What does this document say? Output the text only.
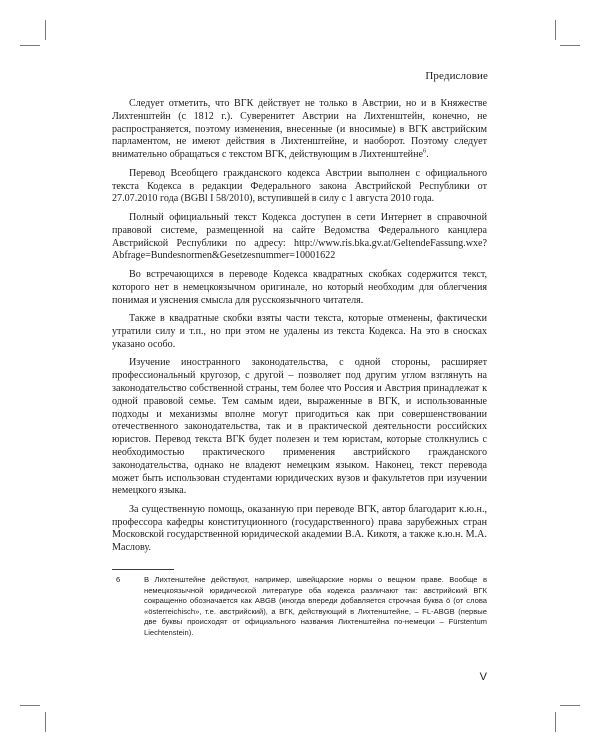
Предисловие

Следует отметить, что ВГК действует не только в Австрии, но и в Княжестве Лихтенштейн (с 1812 г.). Суверенитет Австрии на Лихтенштейн, конечно, не распространяется, поэтому изменения, внесенные (и вносимые) в ВГК австрийским парламентом, не имеют действия в Лихтенштейне, и наоборот. Поэтому следует внимательно обращаться с текстом ВГК, действующим в Лихтенштейне$^6$.

Перевод Всеобщего гражданского кодекса Австрии выполнен с официального текста Кодекса в редакции Федерального закона Австрийской Республики от 27.07.2010 года (BGBl I 58/2010), вступившей в силу с 1 августа 2010 года.

Полный официальный текст Кодекса доступен в сети Интернет в справочной правовой системе, размещенной на сайте Ведомства Федерального канцлера Австрийской Республики по адресу: http://www.ris.bka.gv.at/GeltendeFassung.wxe?Abfrage=Bundesnormen&Gesetzesnummer=10001622

Во встречающихся в переводе Кодекса квадратных скобках содержится текст, которого нет в немецкоязычном оригинале, но который необходим для облегчения понимая и уяснения смысла для русскоязычного читателя.

Также в квадратные скобки взяты части текста, которые отменены, фактически утратили силу и т.п., но при этом не удалены из текста Кодекса. На это в сносках указано особо.

Изучение иностранного законодательства, с одной стороны, расширяет профессиональный кругозор, с другой – позволяет под другим углом взглянуть на законодательство собственной страны, тем более что Россия и Австрия принадлежат к одной правовой семье. Тем самым идеи, выраженные в ВГК, и использованные подходы и механизмы вполне могут пригодиться как при совершенствовании отечественного законодательства, так и в практической деятельности российских юристов. Перевод текста ВГК будет полезен и тем юристам, которые столкнулись с необходимостью практического применения австрийского гражданского законодательства, однако не владеют немецким языком. Наконец, текст перевода может быть использован студентами юридических вузов и факультетов при изучении немецкого языка.

За существенную помощь, оказанную при переводе ВГК, автор благодарит к.ю.н., профессора кафедры конституционного (государственного) права зарубежных стран Московской государственной юридической академии В.А. Кикотя, а также к.ю.н. М.А. Маслову.

6	В Лихтенштейне действуют, например, швейцарские нормы о вещном праве. Вообще в немецкоязычной юридической литературе оба кодекса различают так: австрийский ВГК сокращенно обозначается как ABGB (иногда впереди добавляется строчная буква ö (от слова «österreichisch», т.е. австрийский), а ВГК, действующий в Лихтенштейне, – FL-ABGB (первые две буквы происходят от официального названия Лихтенштейна по-немецки – Fürstentum Liechtenstein).
V
